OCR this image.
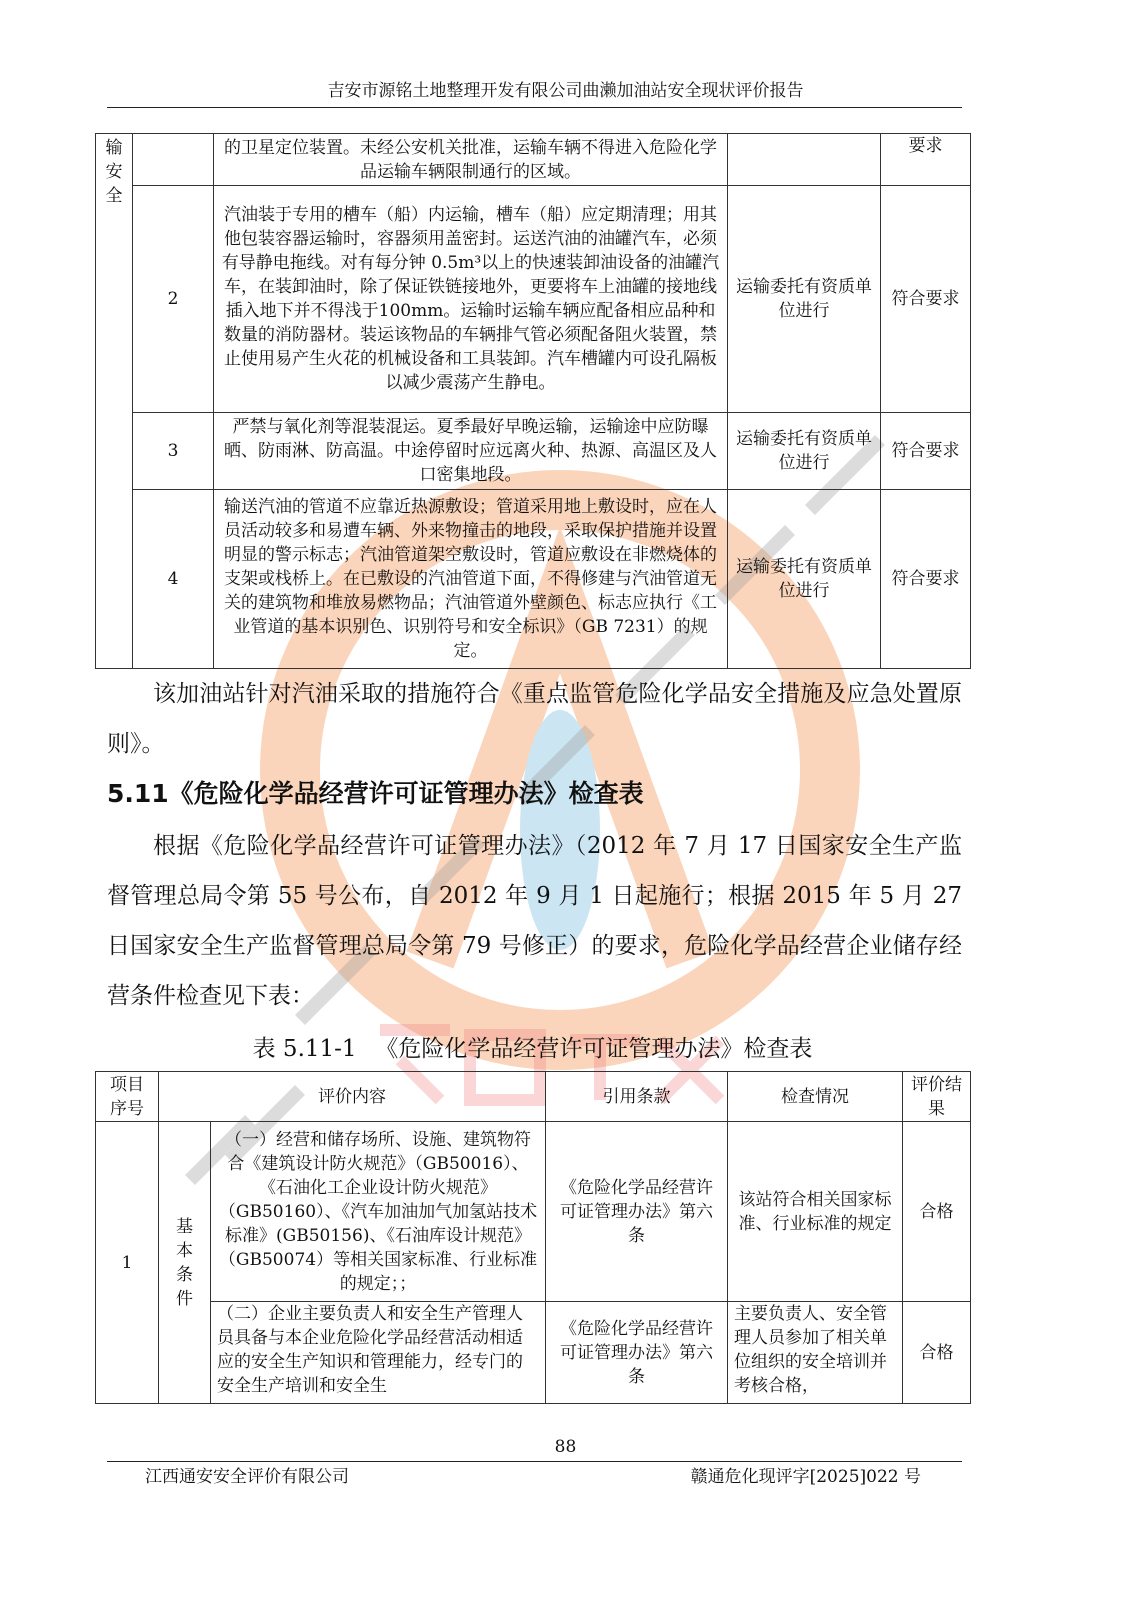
吉安市源铭土地整理开发有限公司曲濑加油站安全现状评价报告
输安全		的卫星定位装置。未经公安机关批准，运输车辆不得进入危险化学品运输车辆限制通行的区域。		要求
	2	汽油装于专用的槽车（船）内运输，槽车（船）应定期清理；用其他包装容器运输时，容器须用盖密封。运送汽油的油罐汽车，必须有导静电拖线。对有每分钟 0.5m³以上的快速装卸油设备的油罐汽车，在装卸油时，除了保证铁链接地外，更要将车上油罐的接地线插入地下并不得浅于100mm。运输时运输车辆应配备相应品种和数量的消防器材。装运该物品的车辆排气管必须配备阻火装置，禁止使用易产生火花的机械设备和工具装卸。汽车槽罐内可设孔隔板以减少震荡产生静电。	运输委托有资质单位进行	符合要求
	3	严禁与氧化剂等混装混运。夏季最好早晚运输，运输途中应防曝晒、防雨淋、防高温。中途停留时应远离火种、热源、高温区及人口密集地段。	运输委托有资质单位进行	符合要求
	4	输送汽油的管道不应靠近热源敷设；管道采用地上敷设时，应在人员活动较多和易遭车辆、外来物撞击的地段，采取保护措施并设置明显的警示标志；汽油管道架空敷设时，管道应敷设在非燃烧体的支架或栈桥上。在已敷设的汽油管道下面，不得修建与汽油管道无关的建筑物和堆放易燃物品；汽油管道外壁颜色、标志应执行《工业管道的基本识别色、识别符号和安全标识》（GB 7231）的规定。	运输委托有资质单位进行	符合要求
该加油站针对汽油采取的措施符合《重点监管危险化学品安全措施及应急处置原则》。
5.11《危险化学品经营许可证管理办法》检查表
根据《危险化学品经营许可证管理办法》（2012 年 7 月 17 日国家安全生产监督管理总局令第 55 号公布，自 2012 年 9 月 1 日起施行；根据 2015 年 5 月 27 日国家安全生产监督管理总局令第 79 号修正）的要求，危险化学品经营企业储存经营条件检查见下表：
表 5.11-1 　《危险化学品经营许可证管理办法》检查表
项目序号	评价内容		引用条款	检查情况	评价结果
1	基本条件	（一）经营和储存场所、设施、建筑物符合《建筑设计防火规范》（GB50016）、《石油化工企业设计防火规范》（GB50160）、《汽车加油加气加氢站技术标准》(GB50156)、《石油库设计规范》（GB50074）等相关国家标准、行业标准的规定；；	《危险化学品经营许可证管理办法》第六条	该站符合相关国家标准、行业标准的规定	合格
		（二）企业主要负责人和安全生产管理人员具备与本企业危险化学品经营活动相适应的安全生产知识和管理能力，经专门的安全生产培训和安全生	《危险化学品经营许可证管理办法》第六条	主要负责人、安全管理人员参加了相关单位组织的安全培训并考核合格，	合格
88
江西通安安全评价有限公司	赣通危化现评字[2025]022 号
